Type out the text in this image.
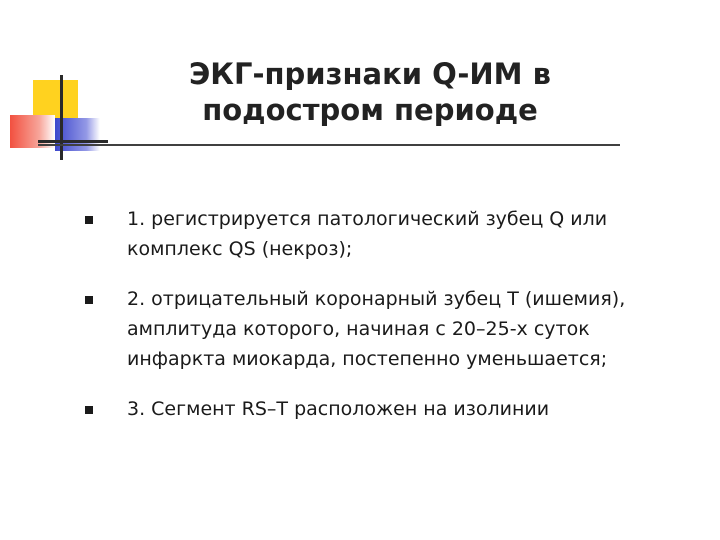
ЭКГ-признаки Q-ИМ в
подостром периоде
1. регистрируется патологический зубец Q или комплекс QS (некроз);
2. отрицательный коронарный зубец T (ишемия), амплитуда которого, начиная с 20–25-х суток инфаркта миокарда, постепенно уменьшается;
3. Сегмент RS–T расположен на изолинии
